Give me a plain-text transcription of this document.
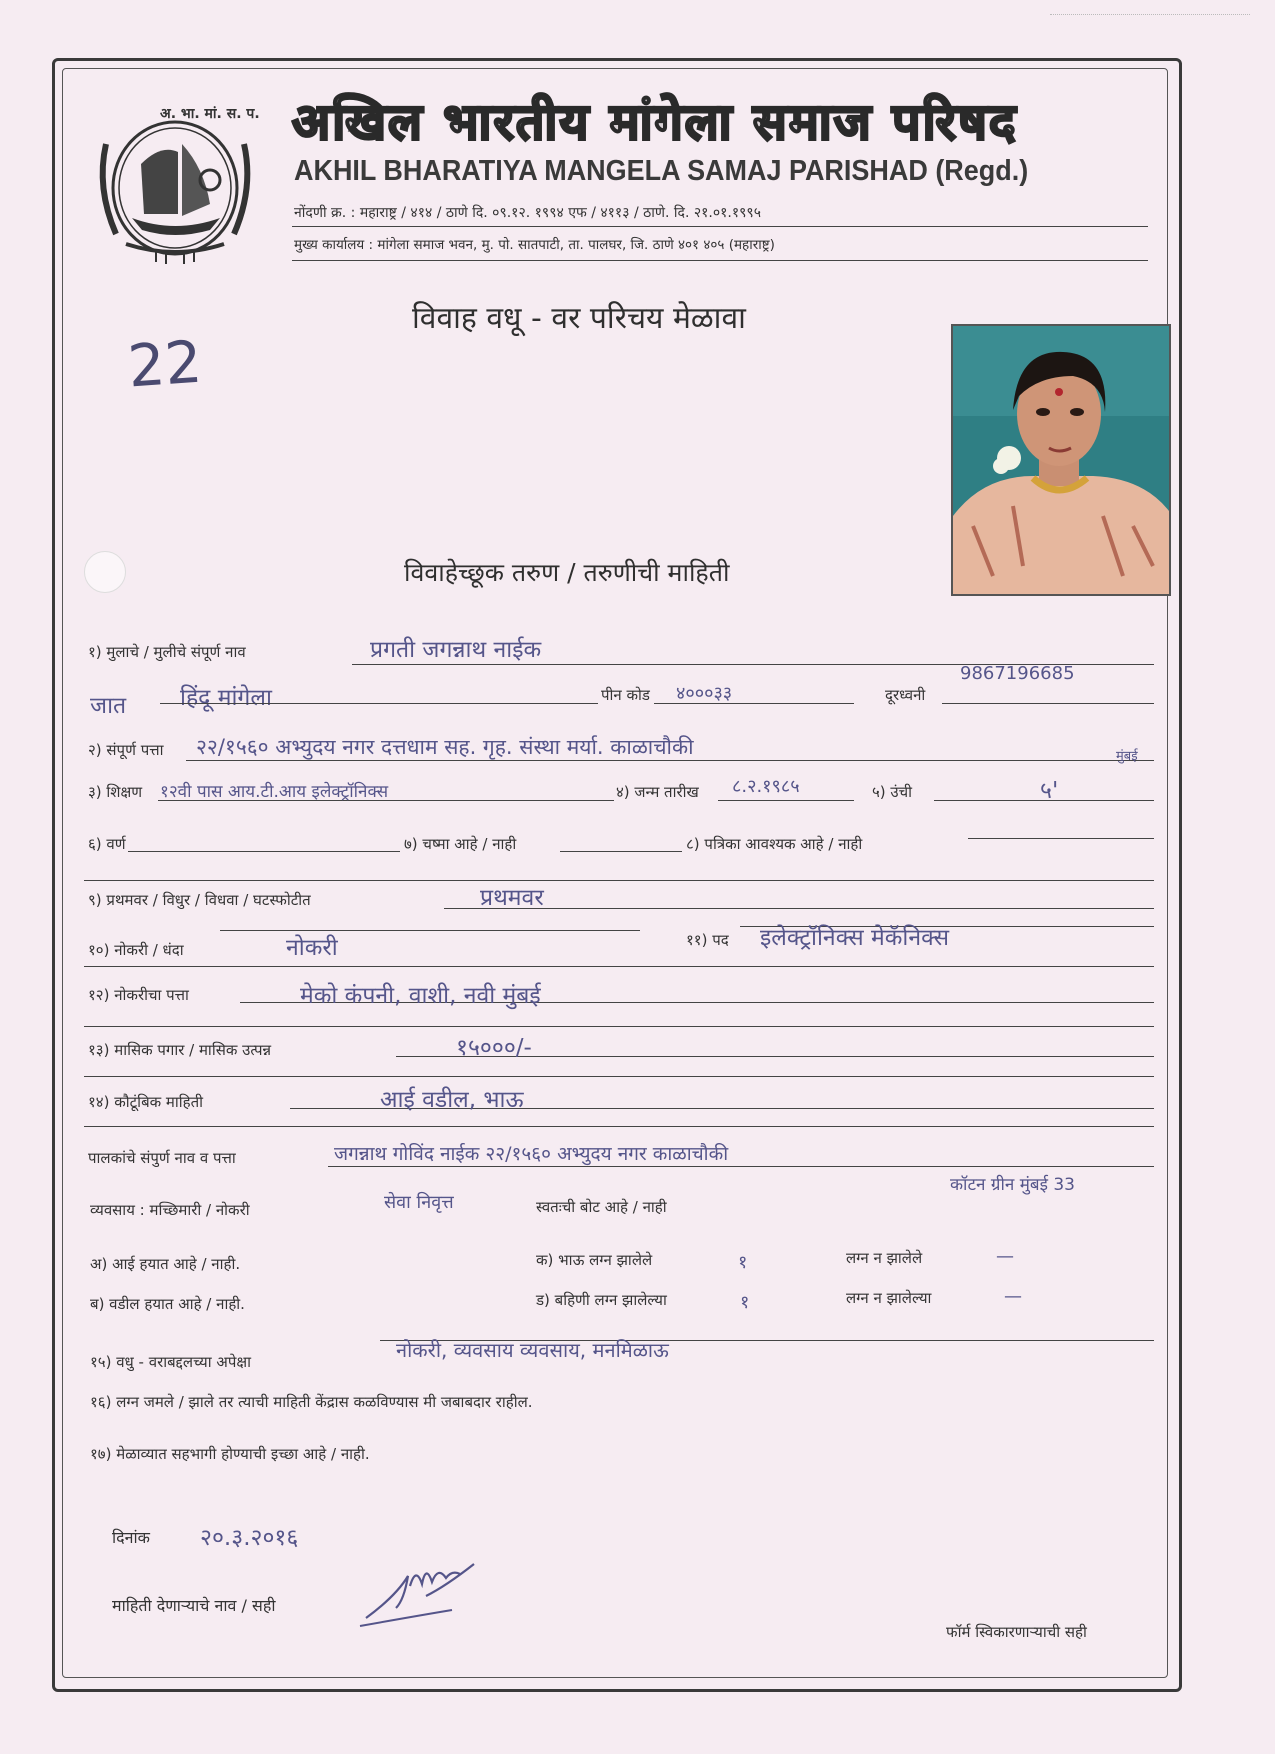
अ. भा. मां. स. प. अखिल भारतीय मांगेला समाज परिषद
AKHIL BHARATIYA MANGELA SAMAJ PARISHAD (Regd.)
नोंदणी क्र. : महाराष्ट्र / ४१४ / ठाणे दि. ०९.१२. १९९४ एफ / ४११३ / ठाणे. दि. २१.०१.१९९५
मुख्य कार्यालय : मांगेला समाज भवन, मु. पो. सातपाटी, ता. पालघर, जि. ठाणे ४०१ ४०५ (महाराष्ट्र)
विवाह वधू - वर परिचय मेळावा
22
विवाहेच्छूक तरुण / तरुणीची माहिती
१) मुलाचे / मुलीचे संपूर्ण नाव	प्रगती जगन्नाथ नाईक
जात हिंदू मांगेला	पीन कोड ४०००३३	दूरध्वनी
9867196685
२) संपूर्ण पत्ता २२/१५६० अभ्युदय नगर दत्तधाम सह. गृह. संस्था मर्या. काळाचौकी	मुंबई
३) शिक्षण १२वी पास आय.टी.आय इलेक्ट्रॉनिक्स	४) जन्म तारीख ८.२.१९८५	५) उंची	५'
६) वर्ण	७) चष्मा आहे / नाही	८) पत्रिका आवश्यक आहे / नाही
९) प्रथमवर / विधुर / विधवा / घटस्फोटीत	प्रथमवर
१०) नोकरी / धंदा	नोकरी	११) पद इलेक्ट्रॉनिक्स मेकॅनिक्स
१२) नोकरीचा पत्ता	मेको कंपनी, वाशी, नवी मुंबई
१३) मासिक पगार / मासिक उत्पन्न	१५०००/-
१४) कौटूंबिक माहिती	आई वडील, भाऊ
पालकांचे संपुर्ण नाव व पत्ता	जगन्नाथ गोविंद नाईक २२/१५६० अभ्युदय नगर काळाचौकी
कॉटन ग्रीन मुंबई 33
व्यवसाय : मच्छिमारी / नोकरी	सेवा निवृत्त	स्वतःची बोट आहे / नाही
अ) आई हयात आहे / नाही.	क) भाऊ लग्न झालेले	१	लग्न न झालेले	—
ब) वडील हयात आहे / नाही.	ड) बहिणी लग्न झालेल्या	१	लग्न न झालेल्या	—
१५) वधु - वराबद्दलच्या अपेक्षा	नोकरी, व्यवसाय व्यवसाय, मनमिळाऊ
१६) लग्न जमले / झाले तर त्याची माहिती केंद्रास कळविण्यास मी जबाबदार राहील.
१७) मेळाव्यात सहभागी होण्याची इच्छा आहे / नाही.
दिनांक २०.३.२०१६
माहिती देणाऱ्याचे नाव / सही
फॉर्म स्विकारणाऱ्याची सही
